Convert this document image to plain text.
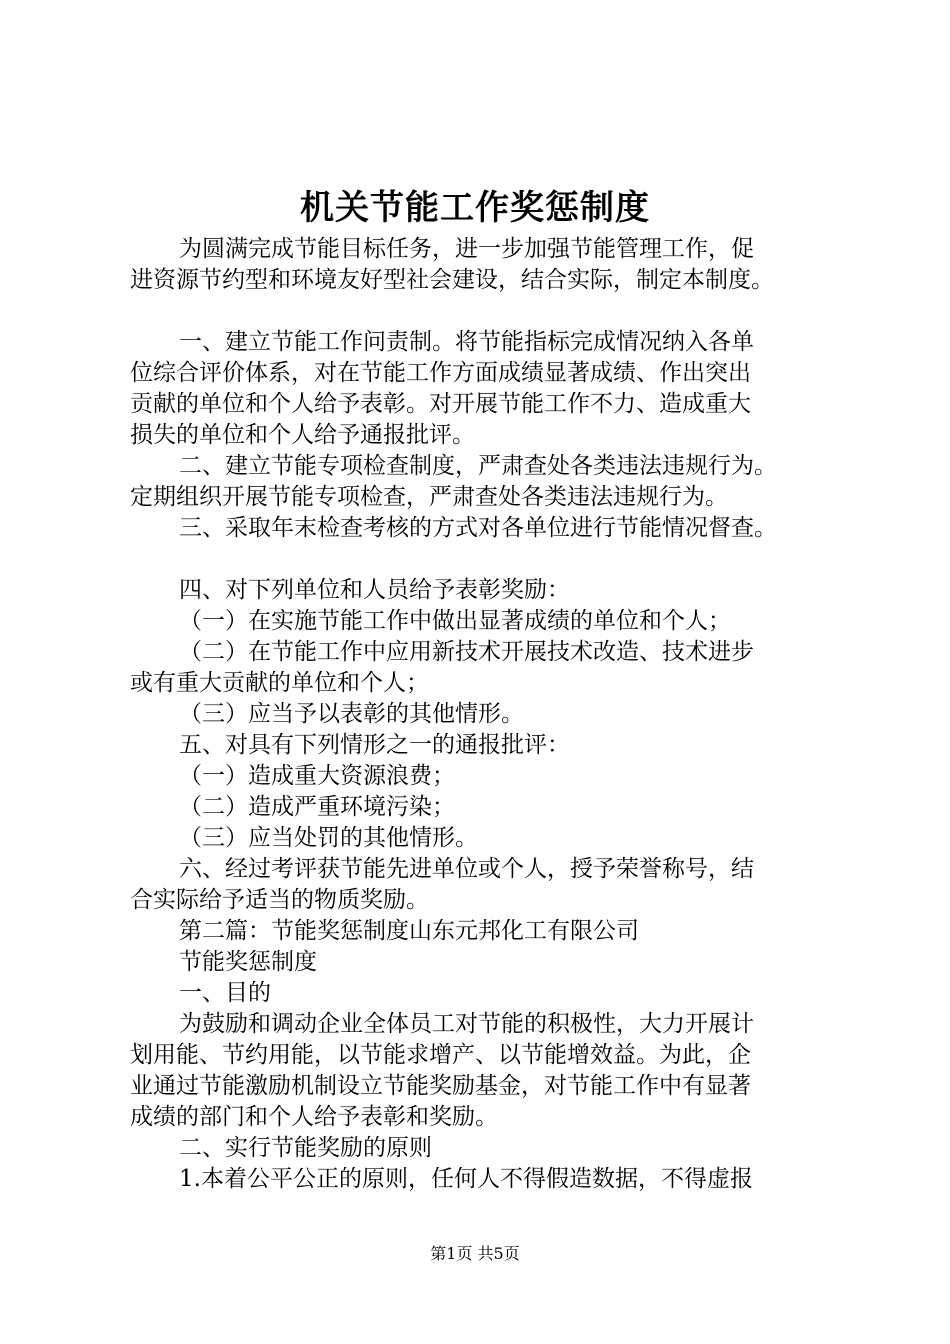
机关节能工作奖惩制度
为圆满完成节能目标任务，进一步加强节能管理工作，促
进资源节约型和环境友好型社会建设，结合实际，制定本制度。
一、建立节能工作问责制。将节能指标完成情况纳入各单
位综合评价体系，对在节能工作方面成绩显著成绩、作出突出
贡献的单位和个人给予表彰。对开展节能工作不力、造成重大
损失的单位和个人给予通报批评。
二、建立节能专项检查制度，严肃查处各类违法违规行为。
定期组织开展节能专项检查，严肃查处各类违法违规行为。
三、采取年末检查考核的方式对各单位进行节能情况督查。
四、对下列单位和人员给予表彰奖励：
（一）在实施节能工作中做出显著成绩的单位和个人；
（二）在节能工作中应用新技术开展技术改造、技术进步
或有重大贡献的单位和个人；
（三）应当予以表彰的其他情形。
五、对具有下列情形之一的通报批评：
（一）造成重大资源浪费；
（二）造成严重环境污染；
（三）应当处罚的其他情形。
六、经过考评获节能先进单位或个人，授予荣誉称号，结
合实际给予适当的物质奖励。
第二篇：节能奖惩制度山东元邦化工有限公司
节能奖惩制度
一、目的
为鼓励和调动企业全体员工对节能的积极性，大力开展计
划用能、节约用能，以节能求增产、以节能增效益。为此，企
业通过节能激励机制设立节能奖励基金，对节能工作中有显著
成绩的部门和个人给予表彰和奖励。
二、实行节能奖励的原则
1.本着公平公正的原则，任何人不得假造数据，不得虚报
第1页 共5页
